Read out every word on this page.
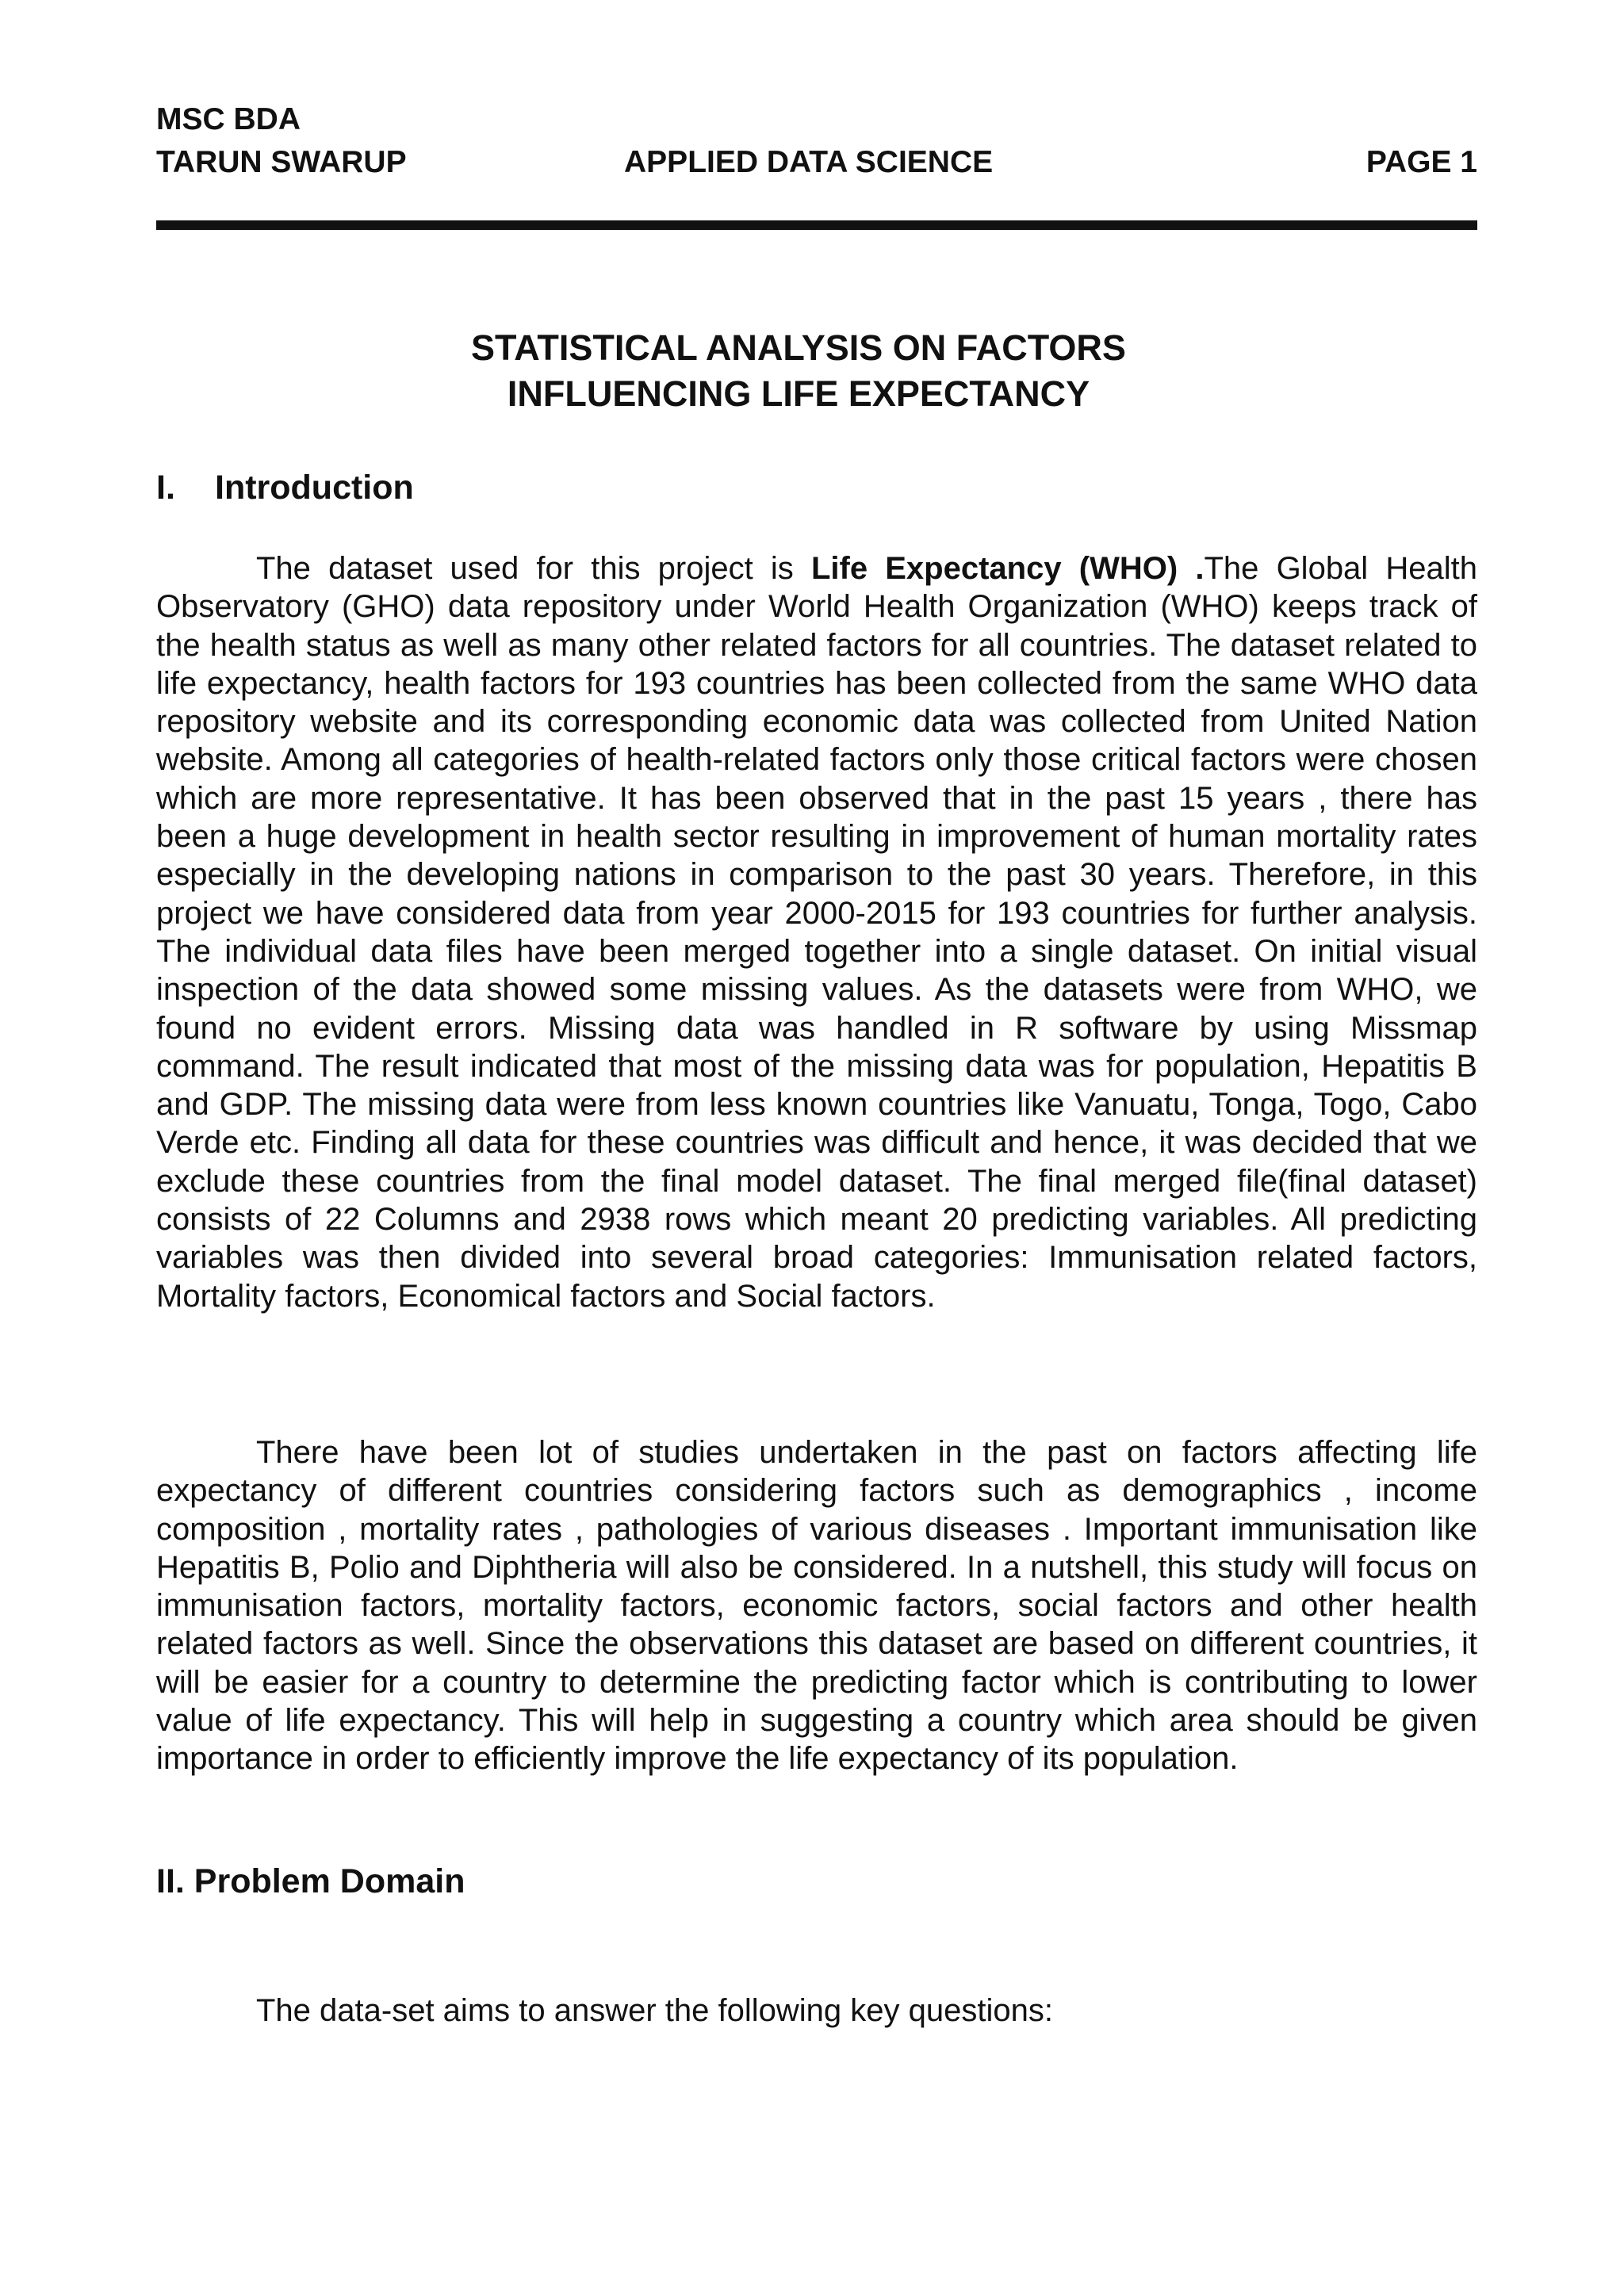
MSC BDA
TARUN SWARUP	APPLIED DATA SCIENCE	PAGE 1
STATISTICAL ANALYSIS ON FACTORS
INFLUENCING LIFE EXPECTANCY
I. Introduction

The dataset used for this project is Life Expectancy (WHO) .The Global Health Observatory (GHO) data repository under World Health Organization (WHO) keeps track of the health status as well as many other related factors for all countries. The dataset related to life expectancy, health factors for 193 countries has been collected from the same WHO data repository website and its corresponding economic data was collected from United Nation website. Among all categories of health-related factors only those critical factors were chosen which are more representative. It has been observed that in the past 15 years , there has been a huge development in health sector resulting in improvement of human mortality rates especially in the developing nations in comparison to the past 30 years. Therefore, in this project we have considered data from year 2000-2015 for 193 countries for further analysis. The individual data files have been merged together into a single dataset. On initial visual inspection of the data showed some missing values. As the datasets were from WHO, we found no evident errors. Missing data was handled in R software by using Missmap command. The result indicated that most of the missing data was for population, Hepatitis B and GDP. The missing data were from less known countries like Vanuatu, Tonga, Togo, Cabo Verde etc. Finding all data for these countries was difficult and hence, it was decided that we exclude these countries from the final model dataset. The final merged file(final dataset) consists of 22 Columns and 2938 rows which meant 20 predicting variables. All predicting variables was then divided into several broad categories: Immunisation related factors, Mortality factors, Economical factors and Social factors.

There have been lot of studies undertaken in the past on factors affecting life expectancy of different countries considering factors such as demographics , income composition , mortality rates , pathologies of various diseases . Important immunisation like Hepatitis B, Polio and Diphtheria will also be considered. In a nutshell, this study will focus on immunisation factors, mortality factors, economic factors, social factors and other health related factors as well. Since the observations this dataset are based on different countries, it will be easier for a country to determine the predicting factor which is contributing to lower value of life expectancy. This will help in suggesting a country which area should be given importance in order to efficiently improve the life expectancy of its population.

II. Problem Domain

The data-set aims to answer the following key questions:
